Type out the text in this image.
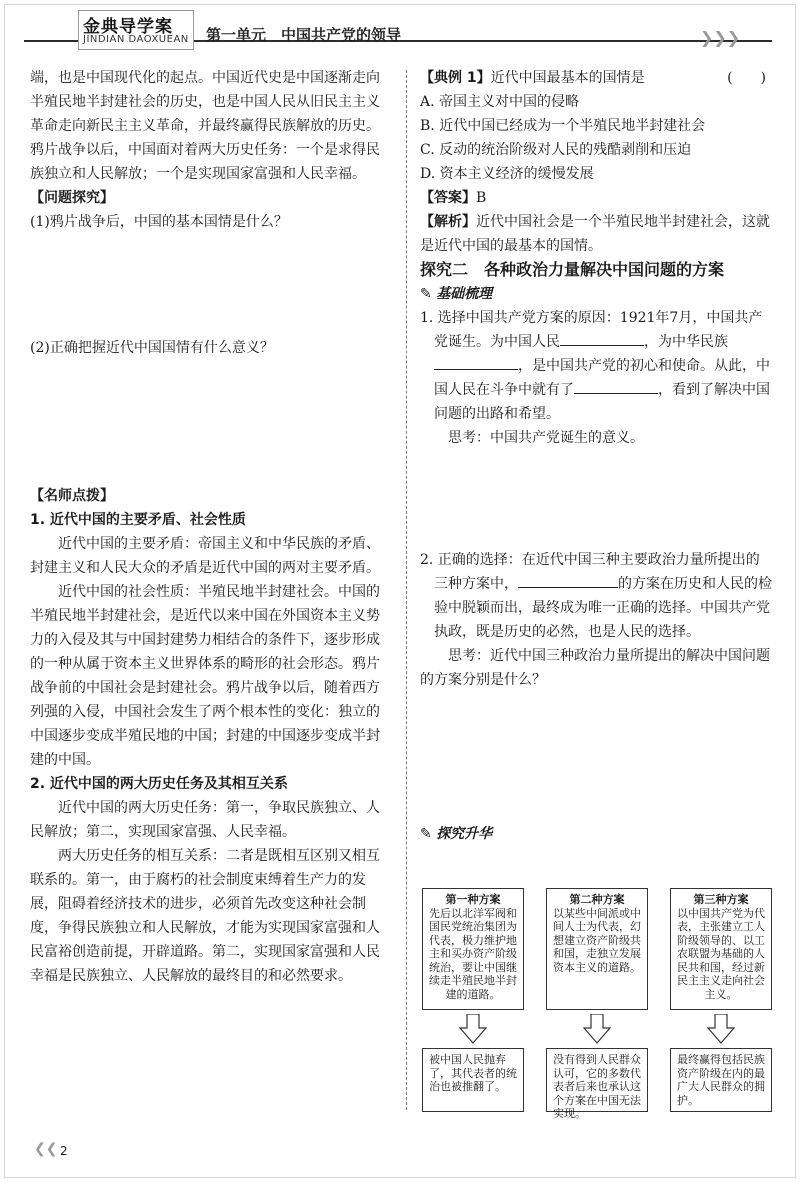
金典导学案
JINDIAN DAOXUEAN 第一单元　中国共产党的领导	❯❯❯

端，也是中国现代化的起点。中国近代史是中国逐渐走向半殖民地半封建社会的历史，也是中国人民从旧民主主义革命走向新民主主义革命，并最终赢得民族解放的历史。鸦片战争以后，中国面对着两大历史任务：一个是求得民族独立和人民解放；一个是实现国家富强和人民幸福。

【问题探究】

(1)鸦片战争后，中国的基本国情是什么？

(2)正确把握近代中国国情有什么意义？

【名师点拨】

1. 近代中国的主要矛盾、社会性质

近代中国的主要矛盾：帝国主义和中华民族的矛盾、封建主义和人民大众的矛盾是近代中国的两对主要矛盾。

近代中国的社会性质：半殖民地半封建社会。中国的半殖民地半封建社会，是近代以来中国在外国资本主义势力的入侵及其与中国封建势力相结合的条件下，逐步形成的一种从属于资本主义世界体系的畸形的社会形态。鸦片战争前的中国社会是封建社会。鸦片战争以后，随着西方列强的入侵，中国社会发生了两个根本性的变化：独立的中国逐步变成半殖民地的中国；封建的中国逐步变成半封建的中国。

2. 近代中国的两大历史任务及其相互关系

近代中国的两大历史任务：第一，争取民族独立、人民解放；第二，实现国家富强、人民幸福。

两大历史任务的相互关系：二者是既相互区别又相互联系的。第一，由于腐朽的社会制度束缚着生产力的发展，阻碍着经济技术的进步，必须首先改变这种社会制度，争得民族独立和人民解放，才能为实现国家富强和人民富裕创造前提，开辟道路。第二，实现国家富强和人民幸福是民族独立、人民解放的最终目的和必然要求。

【典例 1】近代中国最基本的国情是	(　　)

A. 帝国主义对中国的侵略

B. 近代中国已经成为一个半殖民地半封建社会

C. 反动的统治阶级对人民的残酷剥削和压迫

D. 资本主义经济的缓慢发展

【答案】B

【解析】近代中国社会是一个半殖民地半封建社会，这就是近代中国的最基本的国情。

探究二　各种政治力量解决中国问题的方案

✎ 基础梳理

1. 选择中国共产党方案的原因：1921年7月，中国共产党诞生。为中国人民	，为中华民族，是中国共产党的初心和使命。从此，中国人民在斗争中就有了	，看到了解决中国问题的出路和希望。

思考：中国共产党诞生的意义。

2. 正确的选择：在近代中国三种主要政治力量所提出的三种方案中，	的方案在历史和人民的检验中脱颖而出，最终成为唯一正确的选择。中国共产党执政，既是历史的必然，也是人民的选择。

思考：近代中国三种政治力量所提出的解决中国问题的方案分别是什么？

✎ 探究升华

第一种方案
先后以北洋军阀和国民党统治集团为代表，极力维护地主和买办资产阶级统治，要让中国继续走半殖民地半封建的道路。
第二种方案
以某些中间派或中间人士为代表，幻想建立资产阶级共和国，走独立发展资本主义的道路。
第三种方案
以中国共产党为代表，主张建立工人阶级领导的、以工农联盟为基础的人民共和国，经过新民主主义走向社会主义。
被中国人民抛弃了，其代表者的统治也被推翻了。
没有得到人民群众认可，它的多数代表者后来也承认这个方案在中国无法实现。
最终赢得包括民族资产阶级在内的最广大人民群众的拥护。
❮❮ 2
